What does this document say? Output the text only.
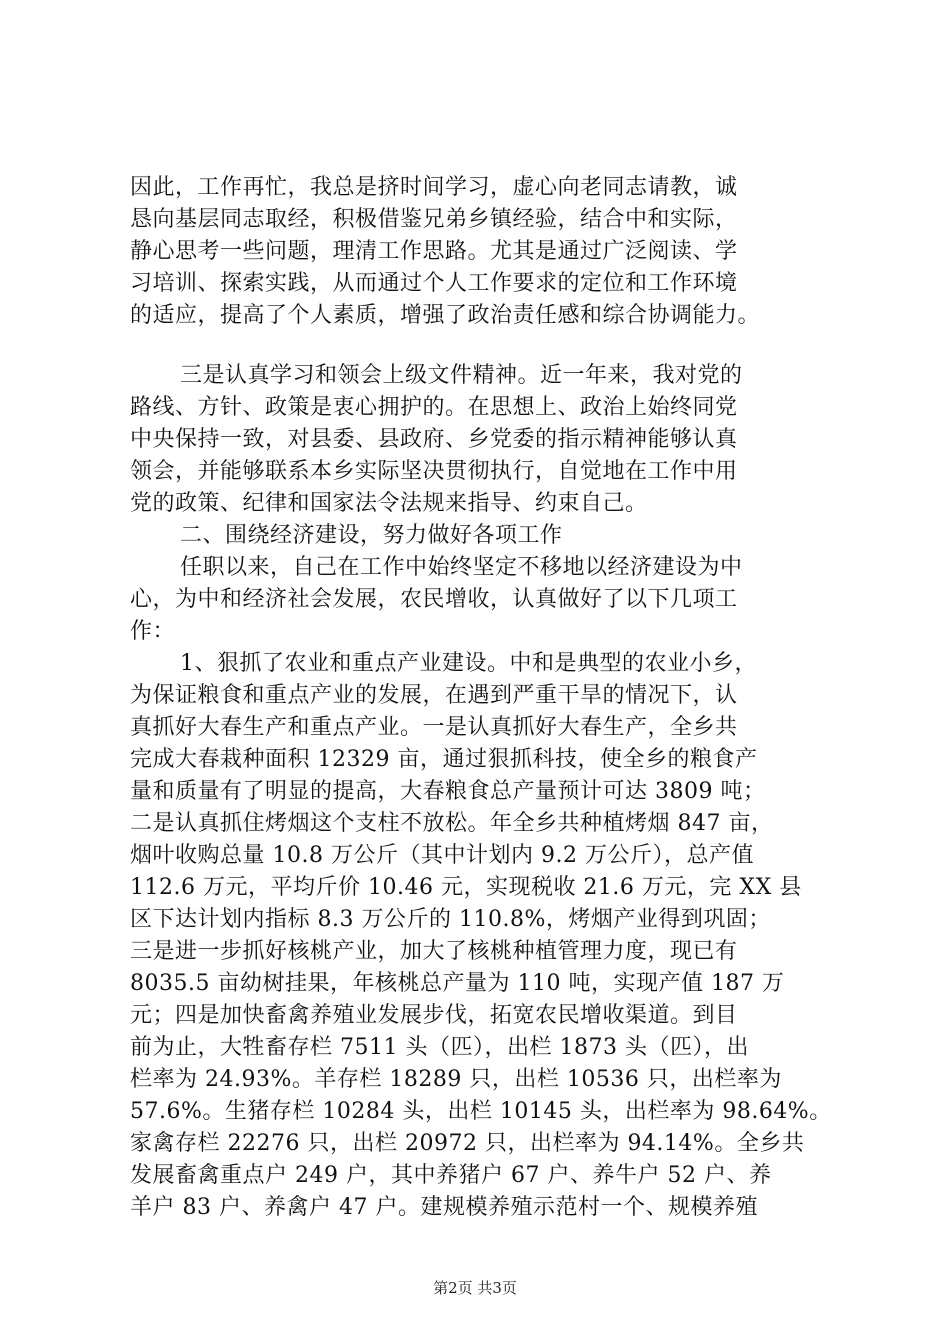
因此，工作再忙，我总是挤时间学习，虚心向老同志请教，诚
恳向基层同志取经，积极借鉴兄弟乡镇经验，结合中和实际，
静心思考一些问题，理清工作思路。尤其是通过广泛阅读、学
习培训、探索实践，从而通过个人工作要求的定位和工作环境
的适应，提高了个人素质，增强了政治责任感和综合协调能力。
三是认真学习和领会上级文件精神。近一年来，我对党的
路线、方针、政策是衷心拥护的。在思想上、政治上始终同党
中央保持一致，对县委、县政府、乡党委的指示精神能够认真
领会，并能够联系本乡实际坚决贯彻执行，自觉地在工作中用
党的政策、纪律和国家法令法规来指导、约束自己。
二、围绕经济建设，努力做好各项工作
任职以来，自己在工作中始终坚定不移地以经济建设为中
心，为中和经济社会发展，农民增收，认真做好了以下几项工
作：
1、狠抓了农业和重点产业建设。中和是典型的农业小乡，
为保证粮食和重点产业的发展，在遇到严重干旱的情况下，认
真抓好大春生产和重点产业。一是认真抓好大春生产，全乡共
完成大春栽种面积 12329 亩，通过狠抓科技，使全乡的粮食产
量和质量有了明显的提高，大春粮食总产量预计可达 3809 吨；
二是认真抓住烤烟这个支柱不放松。年全乡共种植烤烟 847 亩，
烟叶收购总量 10.8 万公斤（其中计划内 9.2 万公斤），总产值
112.6 万元，平均斤价 10.46 元，实现税收 21.6 万元，完 XX 县
区下达计划内指标 8.3 万公斤的 110.8%，烤烟产业得到巩固；
三是进一步抓好核桃产业，加大了核桃种植管理力度，现已有
8035.5 亩幼树挂果，年核桃总产量为 110 吨，实现产值 187 万
元；四是加快畜禽养殖业发展步伐，拓宽农民增收渠道。到目
前为止，大牲畜存栏 7511 头（匹），出栏 1873 头（匹），出
栏率为 24.93%。羊存栏 18289 只，出栏 10536 只，出栏率为
57.6%。生猪存栏 10284 头，出栏 10145 头，出栏率为 98.64%。
家禽存栏 22276 只，出栏 20972 只，出栏率为 94.14%。全乡共
发展畜禽重点户 249 户，其中养猪户 67 户、养牛户 52 户、养
羊户 83 户、养禽户 47 户。建规模养殖示范村一个、规模养殖
第2页 共3页
